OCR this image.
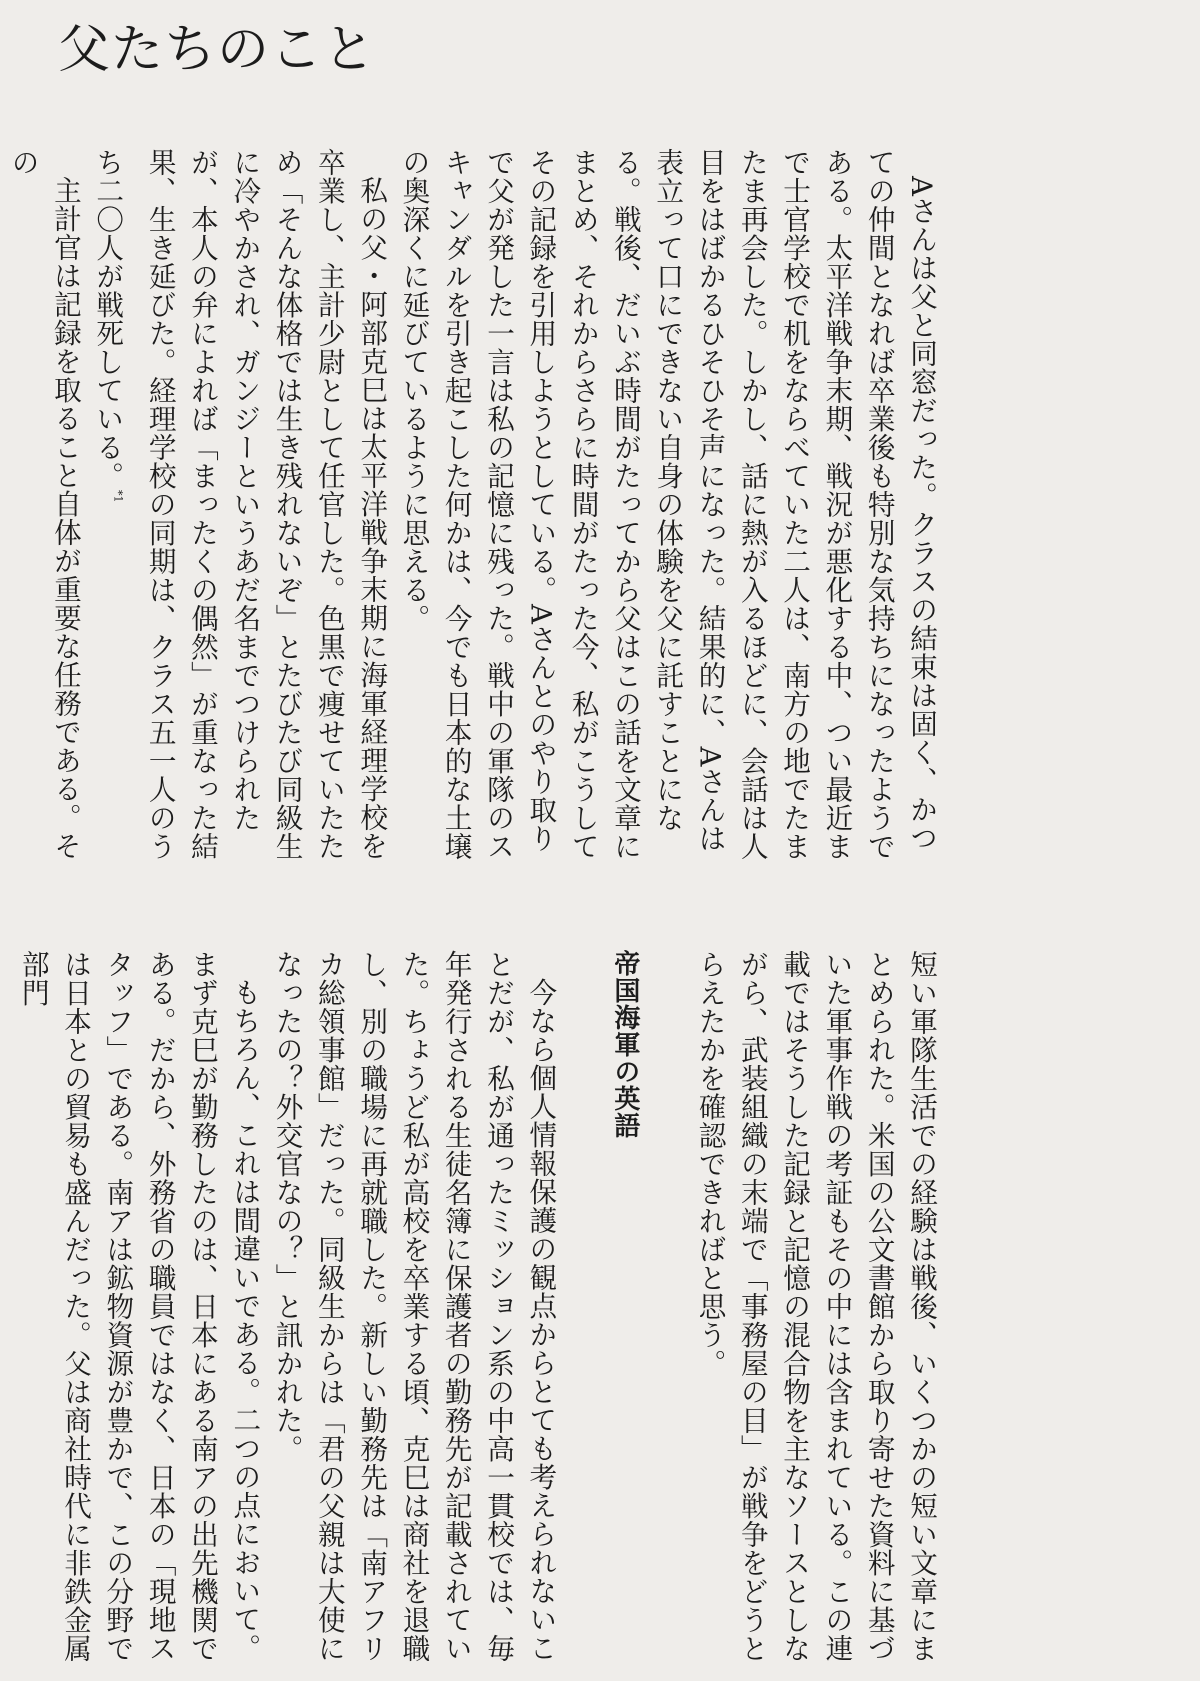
父たちのこと

Aさんは父と同窓だった。クラスの結束は固く、かつての仲間となれば卒業後も特別な気持ちになったようである。太平洋戦争末期、戦況が悪化する中、つい最近まで士官学校で机をならべていた二人は、南方の地でたまたま再会した。しかし、話に熱が入るほどに、会話は人目をはばかるひそひそ声になった。結果的に、Aさんは表立って口にできない自身の体験を父に託すことになる。戦後、だいぶ時間がたってから父はこの話を文章にまとめ、それからさらに時間がたった今、私がこうしてその記録を引用しようとしている。Aさんとのやり取りで父が発した一言は私の記憶に残った。戦中の軍隊のスキャンダルを引き起こした何かは、今でも日本的な土壌の奥深くに延びているように思える。

私の父・阿部克巳は太平洋戦争末期に海軍経理学校を卒業し、主計少尉として任官した。色黒で痩せていたため「そんな体格では生き残れないぞ」とたびたび同級生に冷やかされ、ガンジーというあだ名までつけられたが、本人の弁によれば「まったくの偶然」が重なった結果、生き延びた。経理学校の同期は、クラス五一人のうち二〇人が戦死している。$^{*1}$

主計官は記録を取ること自体が重要な任務である。その

短い軍隊生活での経験は戦後、いくつかの短い文章にまとめられた。米国の公文書館から取り寄せた資料に基づいた軍事作戦の考証もその中には含まれている。この連載ではそうした記録と記憶の混合物を主なソースとしながら、武装組織の末端で「事務屋の目」が戦争をどうとらえたかを確認できればと思う。

帝国海軍の英語

今なら個人情報保護の観点からとても考えられないことだが、私が通ったミッション系の中高一貫校では、毎年発行される生徒名簿に保護者の勤務先が記載されていた。ちょうど私が高校を卒業する頃、克巳は商社を退職し、別の職場に再就職した。新しい勤務先は「南アフリカ総領事館」だった。同級生からは「君の父親は大使になったの？外交官なの？」と訊かれた。

もちろん、これは間違いである。二つの点において。まず克巳が勤務したのは、日本にある南アの出先機関である。だから、外務省の職員ではなく、日本の「現地スタッフ」である。南アは鉱物資源が豊かで、この分野では日本との貿易も盛んだった。父は商社時代に非鉄金属部門
